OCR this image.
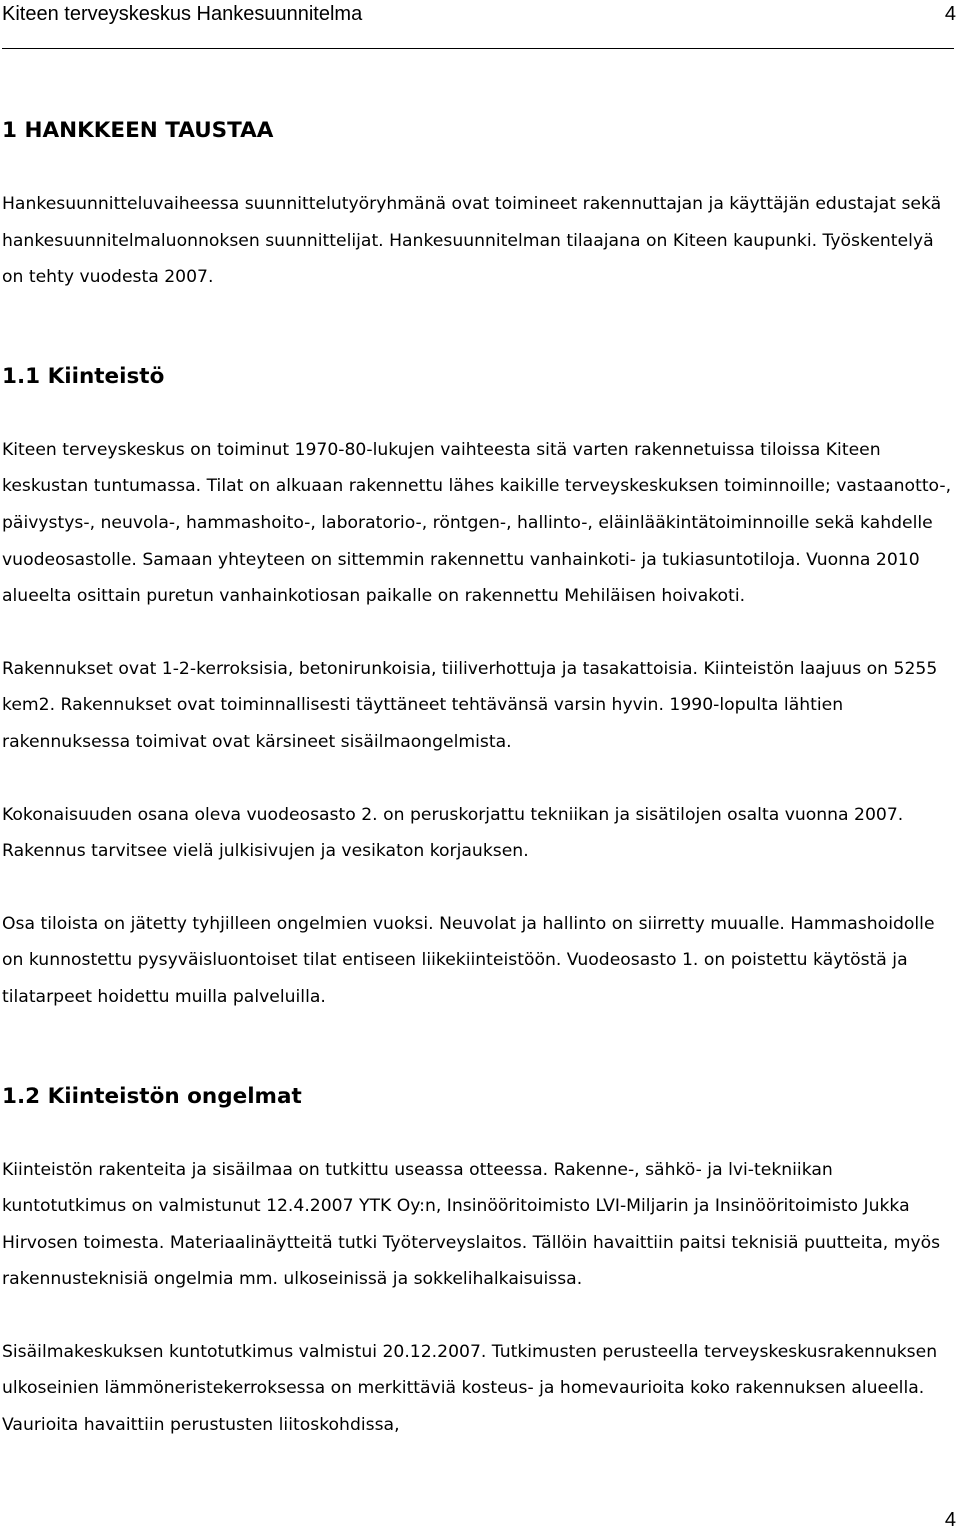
Kiteen terveyskeskus Hankesuunnitelma	4
1 HANKKEEN TAUSTAA

Hankesuunnitteluvaiheessa suunnittelutyöryhmänä ovat toimineet rakennuttajan ja käyttäjän edustajat sekä hankesuunnitelmaluonnoksen suunnittelijat. Hankesuunnitelman tilaajana on Kiteen kaupunki. Työskentelyä on tehty vuodesta 2007.

1.1 Kiinteistö

Kiteen terveyskeskus on toiminut 1970-80-lukujen vaihteesta sitä varten rakennetuissa tiloissa Kiteen keskustan tuntumassa. Tilat on alkuaan rakennettu lähes kaikille terveyskeskuksen toiminnoille; vastaanotto-, päivystys-, neuvola-, hammashoito-, laboratorio-, röntgen-, hallinto-, eläinlääkintätoiminnoille sekä kahdelle vuodeosastolle. Samaan yhteyteen on sittemmin rakennettu vanhainkoti- ja tukiasuntotiloja. Vuonna 2010 alueelta osittain puretun vanhainkotiosan paikalle on rakennettu Mehiläisen hoivakoti.

Rakennukset ovat 1-2-kerroksisia, betonirunkoisia, tiiliverhottuja ja tasakattoisia. Kiinteistön laajuus on 5255 kem2. Rakennukset ovat toiminnallisesti täyttäneet tehtävänsä varsin hyvin. 1990-lopulta lähtien rakennuksessa toimivat ovat kärsineet sisäilmaongelmista.

Kokonaisuuden osana oleva vuodeosasto 2. on peruskorjattu tekniikan ja sisätilojen osalta vuonna 2007. Rakennus tarvitsee vielä julkisivujen ja vesikaton korjauksen.

Osa tiloista on jätetty tyhjilleen ongelmien vuoksi. Neuvolat ja hallinto on siirretty muualle. Hammashoidolle on kunnostettu pysyväisluontoiset tilat entiseen liikekiinteistöön. Vuodeosasto 1. on poistettu käytöstä ja tilatarpeet hoidettu muilla palveluilla.

1.2 Kiinteistön ongelmat

Kiinteistön rakenteita ja sisäilmaa on tutkittu useassa otteessa. Rakenne-, sähkö- ja lvi-tekniikan kuntotutkimus on valmistunut 12.4.2007 YTK Oy:n, Insinööritoimisto LVI-Miljarin ja Insinööritoimisto Jukka Hirvosen toimesta. Materiaalinäytteitä tutki Työterveyslaitos. Tällöin havaittiin paitsi teknisiä puutteita, myös rakennusteknisiä ongelmia mm. ulkoseinissä ja sokkelihalkaisuissa.

Sisäilmakeskuksen kuntotutkimus valmistui 20.12.2007. Tutkimusten perusteella terveyskeskusrakennuksen ulkoseinien lämmöneristekerroksessa on merkittäviä kosteus- ja homevaurioita koko rakennuksen alueella. Vaurioita havaittiin perustusten liitoskohdissa,

4
